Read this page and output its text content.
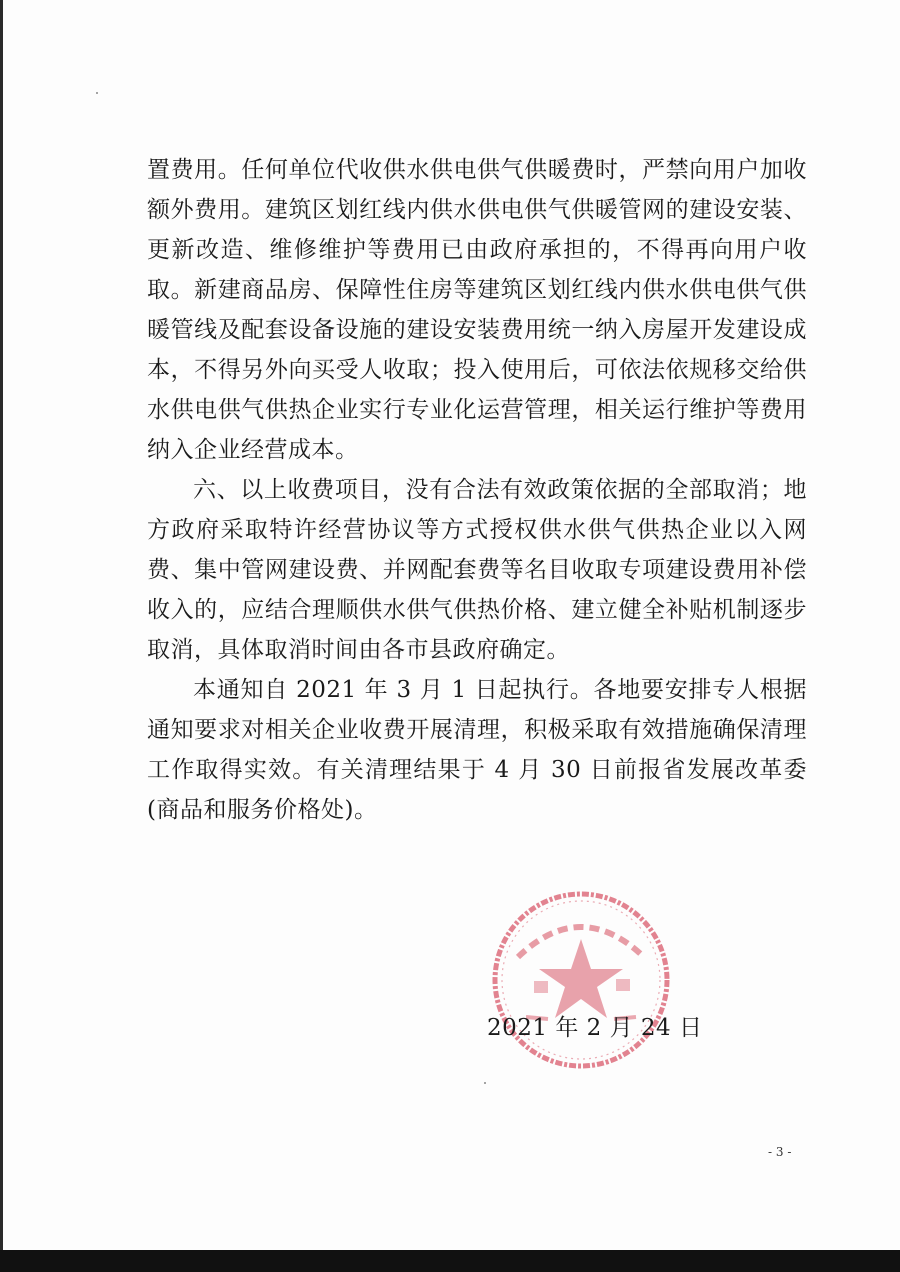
置费用。任何单位代收供水供电供气供暖费时，严禁向用户加收额外费用。建筑区划红线内供水供电供气供暖管网的建设安装、更新改造、维修维护等费用已由政府承担的，不得再向用户收取。新建商品房、保障性住房等建筑区划红线内供水供电供气供暖管线及配套设备设施的建设安装费用统一纳入房屋开发建设成本，不得另外向买受人收取；投入使用后，可依法依规移交给供水供电供气供热企业实行专业化运营管理，相关运行维护等费用纳入企业经营成本。

六、以上收费项目，没有合法有效政策依据的全部取消；地方政府采取特许经营协议等方式授权供水供气供热企业以入网费、集中管网建设费、并网配套费等名目收取专项建设费用补偿收入的，应结合理顺供水供气供热价格、建立健全补贴机制逐步取消，具体取消时间由各市县政府确定。

本通知自 2021 年 3 月 1 日起执行。各地要安排专人根据通知要求对相关企业收费开展清理，积极采取有效措施确保清理工作取得实效。有关清理结果于 4 月 30 日前报省发展改革委(商品和服务价格处)。

2021 年 2 月 24 日
- 3 -
